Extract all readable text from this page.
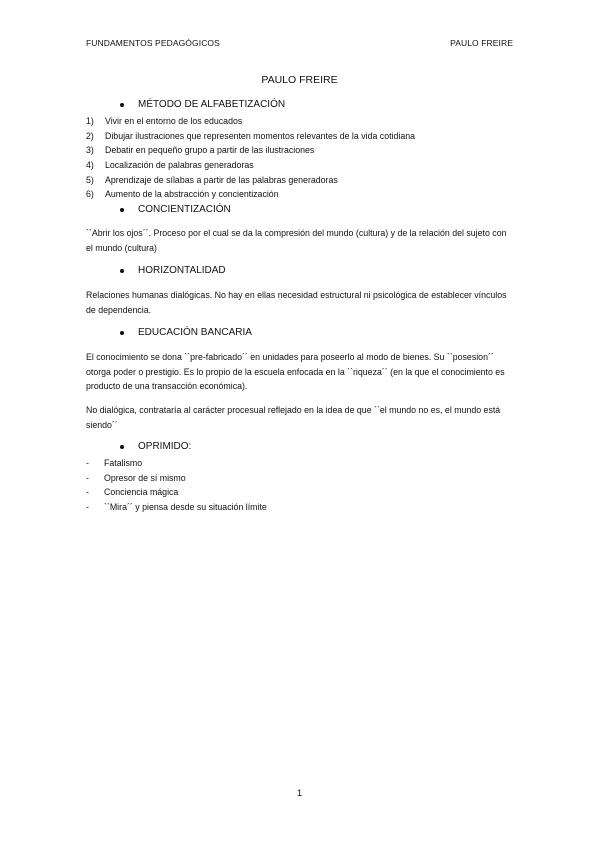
FUNDAMENTOS PEDAGÓGICOS	PAULO FREIRE
PAULO FREIRE
MÉTODO DE ALFABETIZACIÓN
1)	Vivir en el entorno de los educados
2)	Dibujar ilustraciones que representen momentos relevantes de la vida cotidiana
3)	Debatir en pequeño grupo a partir de las ilustraciones
4)	Localización de palabras generadoras
5)	Aprendizaje de sílabas a partir de las palabras generadoras
6)	Aumento de la abstracción y concientización
CONCIENTIZACIÓN

``Abrir los ojos´´. Proceso por el cual se da la compresión del mundo (cultura) y de la relación del sujeto con el mundo (cultura)

HORIZONTALIDAD

Relaciones humanas dialógicas. No hay en ellas necesidad estructural ni psicológica de establecer vínculos de dependencia.

EDUCACIÓN BANCARIA

El conocimiento se dona ``pre-fabricado´´ en unidades para poseerlo al modo de bienes. Su ``posesion´´ otorga poder o prestigio. Es lo propio de la escuela enfocada en la ``riqueza´´ (en la que el conocimiento es producto de una transacción económica).

No dialógica, contrataría al carácter procesual reflejado en la idea de que ``el mundo no es, el mundo está siendo´´

OPRIMIDO:
-	Fatalismo
-	Opresor de sí mismo
-	Conciencia mágica
-	``Mira´´ y piensa desde su situación límite
1
